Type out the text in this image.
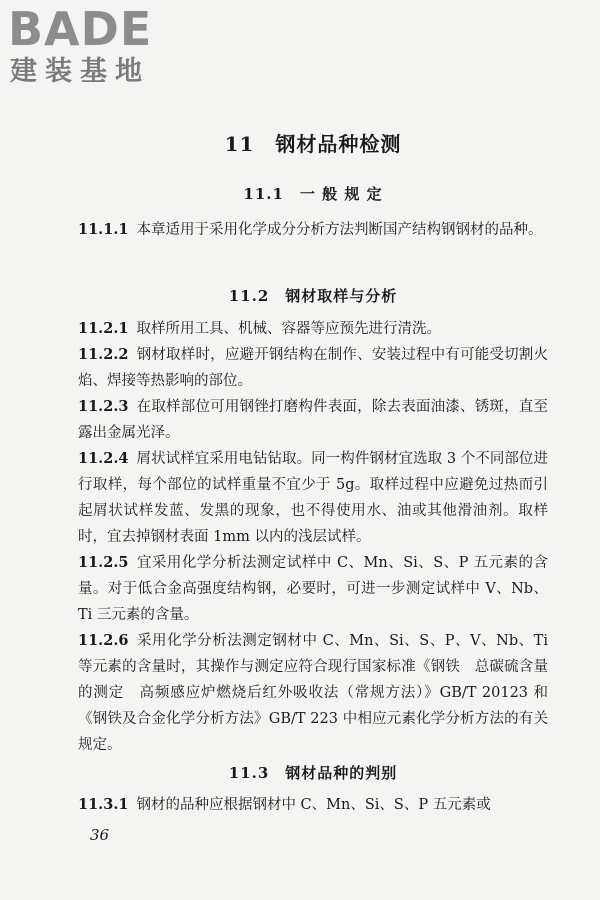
BADE
建装基地
11　钢材品种检测
11.1　一 般 规 定
11.1.1 本章适用于采用化学成分分析方法判断国产结构钢钢材的品种。
11.2　钢材取样与分析
11.2.1 取样所用工具、机械、容器等应预先进行清洗。
11.2.2 钢材取样时，应避开钢结构在制作、安装过程中有可能受切割火焰、焊接等热影响的部位。
11.2.3 在取样部位可用钢锉打磨构件表面，除去表面油漆、锈斑，直至露出金属光泽。
11.2.4 屑状试样宜采用电钻钻取。同一构件钢材宜选取 3 个不同部位进行取样，每个部位的试样重量不宜少于 5g。取样过程中应避免过热而引起屑状试样发蓝、发黑的现象，也不得使用水、油或其他滑油剂。取样时，宜去掉钢材表面 1mm 以内的浅层试样。
11.2.5 宜采用化学分析法测定试样中 C、Mn、Si、S、P 五元素的含量。对于低合金高强度结构钢，必要时，可进一步测定试样中 V、Nb、Ti 三元素的含量。
11.2.6 采用化学分析法测定钢材中 C、Mn、Si、S、P、V、Nb、Ti 等元素的含量时，其操作与测定应符合现行国家标准《钢铁　总碳硫含量的测定　高频感应炉燃烧后红外吸收法（常规方法）》GB/T 20123 和《钢铁及合金化学分析方法》GB/T 223 中相应元素化学分析方法的有关规定。
11.3　钢材品种的判别
11.3.1 钢材的品种应根据钢材中 C、Mn、Si、S、P 五元素或
36
